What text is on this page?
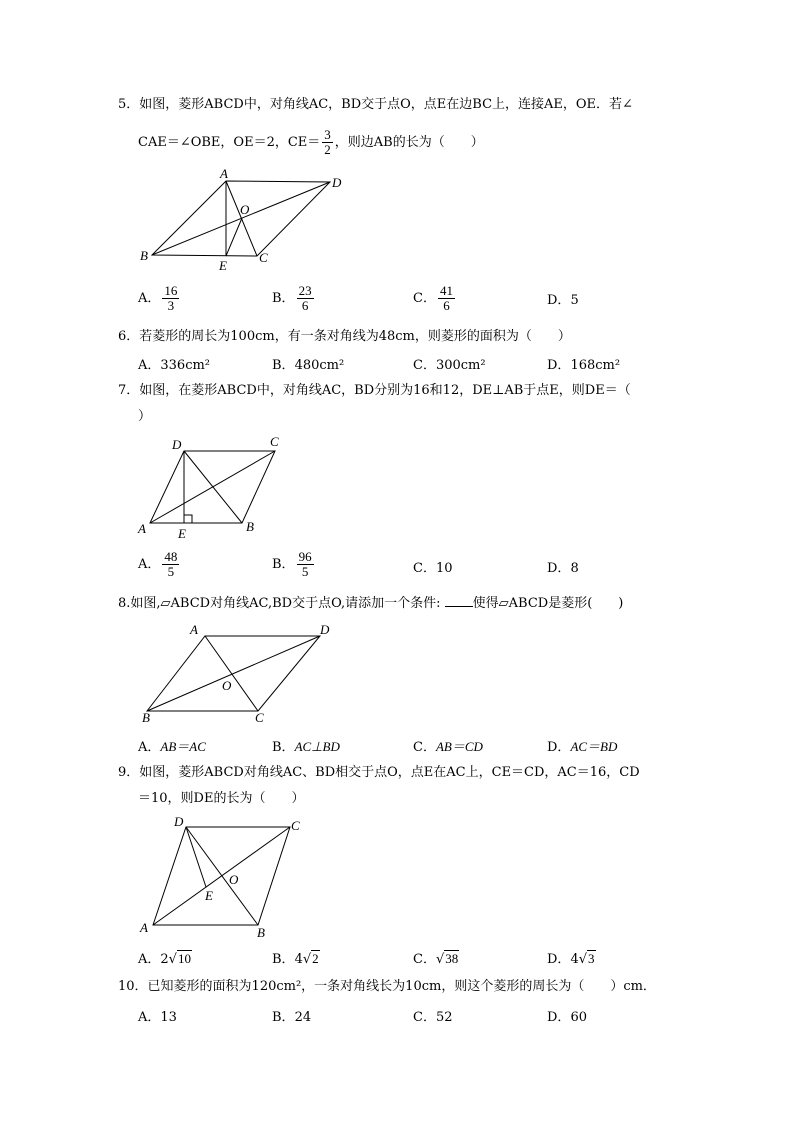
5．如图，菱形ABCD中，对角线AC，BD交于点O，点E在边BC上，连接AE，OE．若∠
CAE＝∠OBE，OE＝2，$CE= \frac{3}{2}$ ，则边AB的长为（　　）
A
D
O
B
E
C
A． $\frac{16}{3}$	B． $\frac{23}{6}$	C． $\frac{41}{6}$	D．5
6．若菱形的周长为100cm，有一条对角线为48cm，则菱形的面积为（　　）
A．336cm²	B．480cm²	C．300cm²	D．168cm²
7．如图，在菱形ABCD中，对角线AC，BD分别为16和12，DE⊥AB于点E，则DE＝（
）
D	C
A E	B
A． $\frac{48}{5}$	B． $\frac{96}{5}$	C．10	D．8
8.如图,▱ABCD对角线AC,BD交于点O,请添加一个条件: 使得▱ABCD是菱形(　　)
A	D
O
B	C
A．AB＝AC	B．AC⊥BD	C．AB＝CD	D．AC＝BD
9．如图，菱形ABCD对角线AC、BD相交于点O，点E在AC上，CE＝CD，AC＝16，CD
＝10，则DE的长为（　　）
D	C
O
E
A	B
A．2√10	B．4√2	C．√38	D．4√3
10．已知菱形的面积为120cm²，一条对角线长为10cm，则这个菱形的周长为（　　）cm．
A．13	B．24	C．52	D．60
